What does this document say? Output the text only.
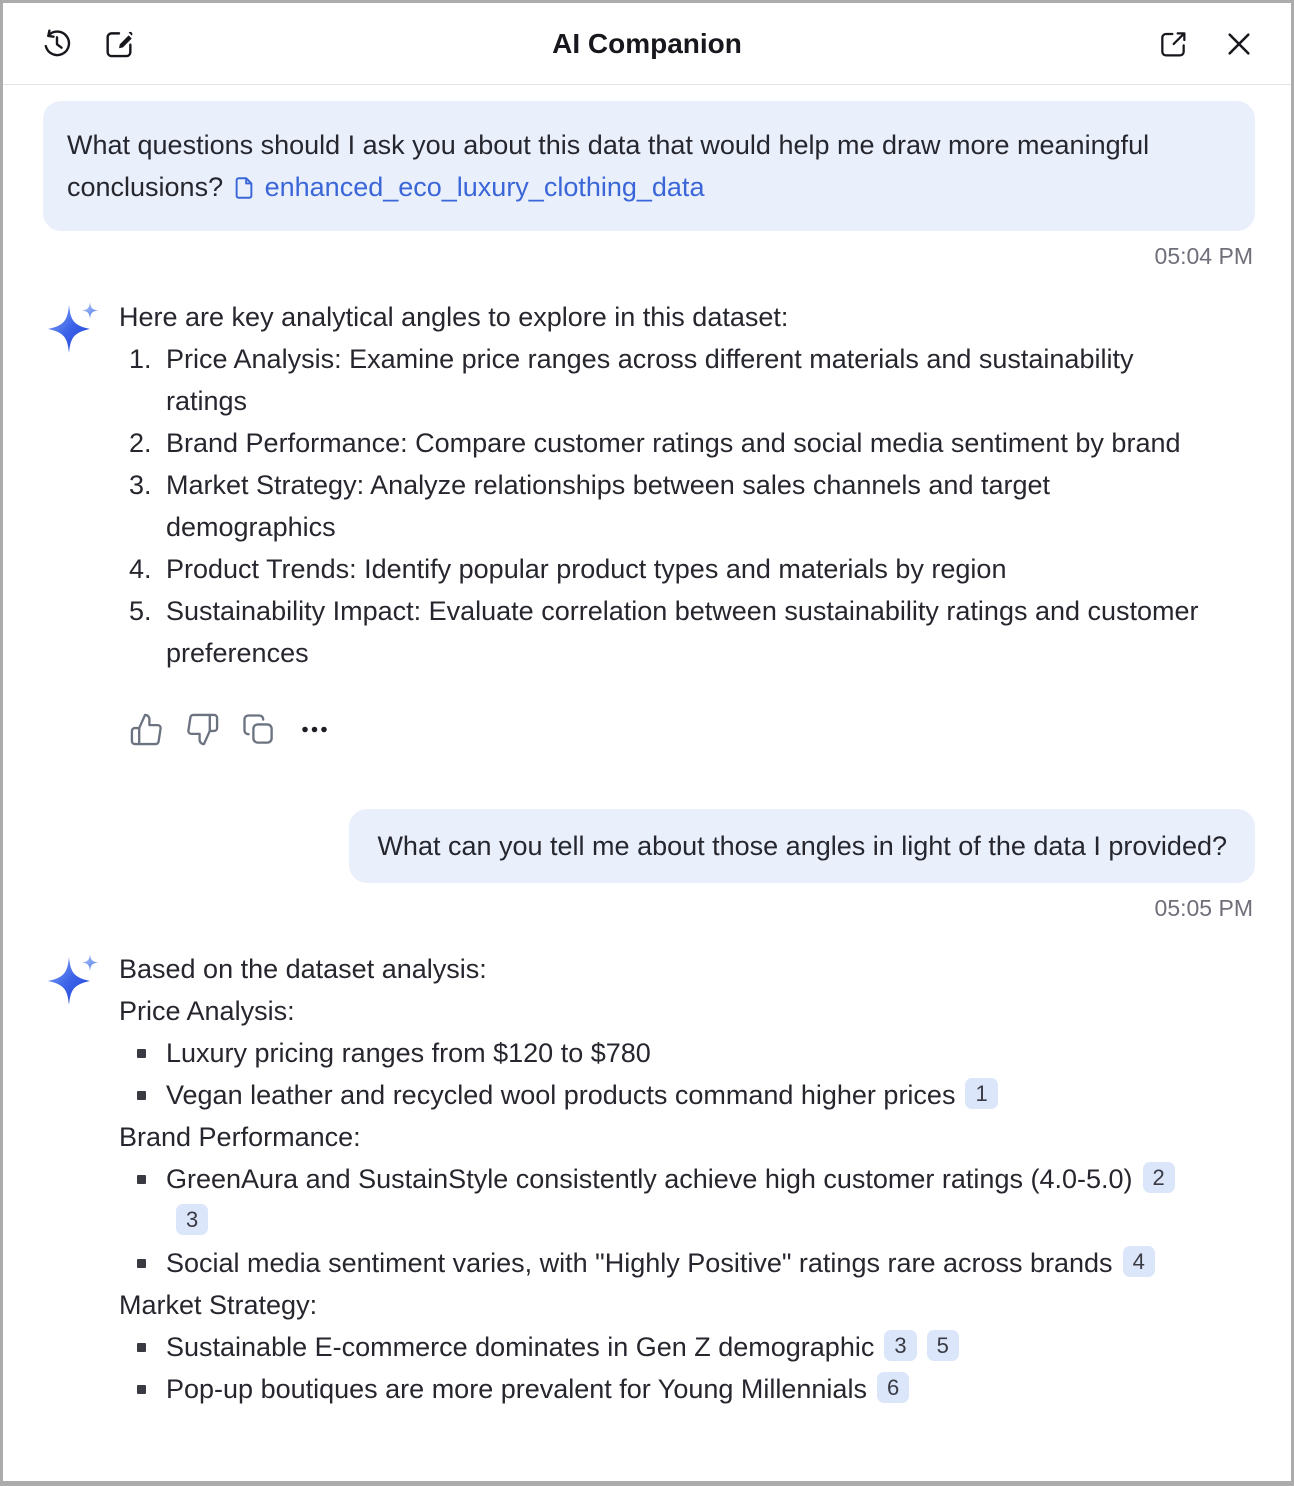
AI Companion
What questions should I ask you about this data that would help me draw more meaningful conclusions? enhanced_eco_luxury_clothing_data
05:04 PM

Here are key analytical angles to explore in this dataset:

1. Price Analysis: Examine price ranges across different materials and sustainability ratings
2. Brand Performance: Compare customer ratings and social media sentiment by brand
3. Market Strategy: Analyze relationships between sales channels and target demographics
4. Product Trends: Identify popular product types and materials by region
5. Sustainability Impact: Evaluate correlation between sustainability ratings and customer preferences
What can you tell me about those angles in light of the data I provided?
05:05 PM

Based on the dataset analysis:

Price Analysis:

Luxury pricing ranges from $120 to $780
Vegan leather and recycled wool products command higher prices 1

Brand Performance:

GreenAura and SustainStyle consistently achieve high customer ratings (4.0-5.0) 23
Social media sentiment varies, with "Highly Positive" ratings rare across brands 4

Market Strategy:

Sustainable E-commerce dominates in Gen Z demographic 3 5
Pop-up boutiques are more prevalent for Young Millennials 6
